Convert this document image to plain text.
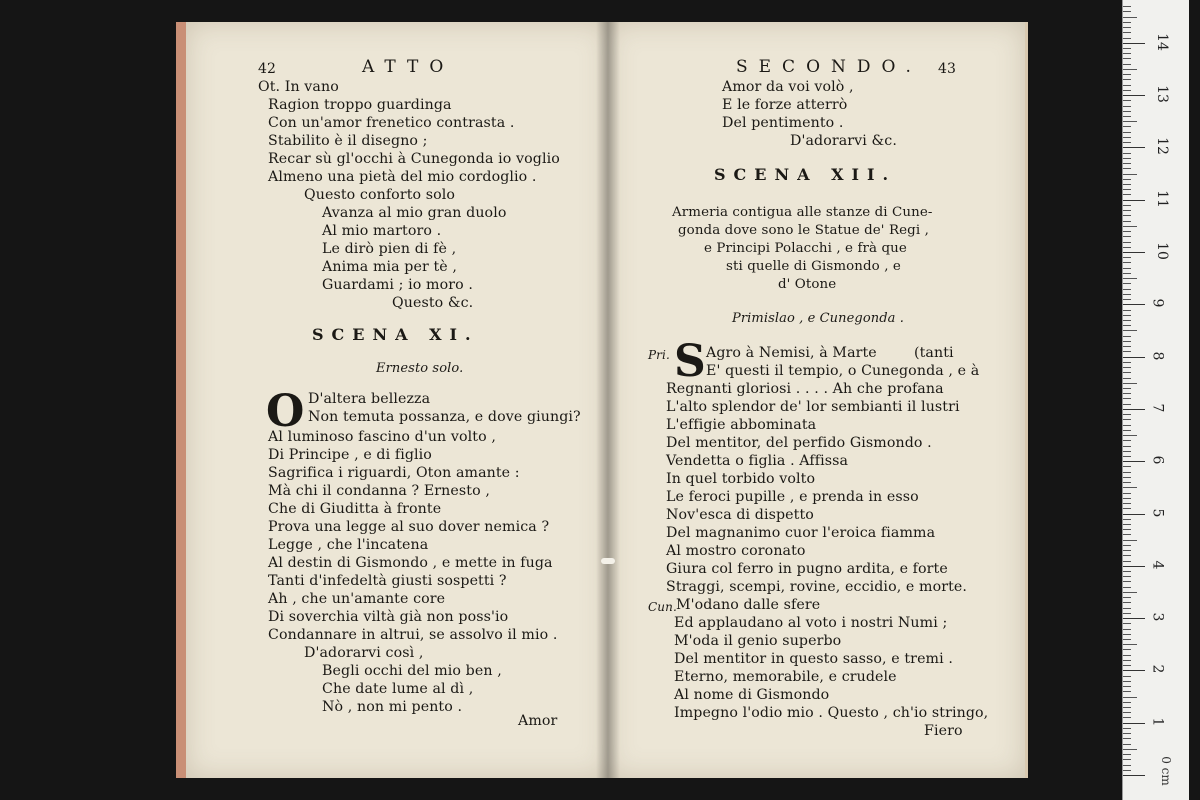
42	ATTO
Ot. In vano
Ragion troppo guardinga
Con un'amor frenetico contrasta .
Stabilito è il disegno ;
Recar sù gl'occhi à Cunegonda io voglio
Almeno una pietà del mio cordoglio .
Questo conforto solo
Avanza al mio gran duolo
Al mio martoro .
Le dirò pien di fè ,
Anima mia per tè ,
Guardami ; io moro .
Questo &c.
SCENA XI.
Ernesto solo.
O D'altera bellezza
Non temuta possanza, e dove giungi?
Al luminoso fascino d'un volto ,
Di Principe , e di figlio
Sagrifica i riguardi, Oton amante :
Mà chi il condanna ? Ernesto ,
Che di Giuditta à fronte
Prova una legge al suo dover nemica ?
Legge , che l'incatena
Al destin di Gismondo , e mette in fuga
Tanti d'infedeltà giusti sospetti ?
Ah , che un'amante core
Di soverchia viltà già non poss'io
Condannare in altrui, se assolvo il mio .
D'adorarvi così ,
Begli occhi del mio ben ,
Che date lume al dì ,
Nò , non mi pento .
Amor
SECONDO. 43
Amor da voi volò ,
E le forze atterrò
Del pentimento .
D'adorarvi &c.
SCENA XII.
Armeria contigua alle stanze di Cune-
gonda dove sono le Statue de' Regi ,
e Principi Polacchi , e frà que
sti quelle di Gismondo , e
d' Otone
Primislao , e Cunegonda .
Pri. S Agro à Nemisi, à Marte	(tanti
E' questi il tempio, o Cunegonda , e à
Regnanti gloriosi . . . . Ah che profana
L'alto splendor de' lor sembianti il lustri
L'effigie abbominata
Del mentitor, del perfido Gismondo .
Vendetta o figlia . Affissa
In quel torbido volto
Le feroci pupille , e prenda in esso
Nov'esca di dispetto
Del magnanimo cuor l'eroica fiamma
Al mostro coronato
Giura col ferro in pugno ardita, e forte
Straggi, scempi, rovine, eccidio, e morte.
Cun. M'odano dalle sfere
Ed applaudano al voto i nostri Numi ;
M'oda il genio superbo
Del mentitor in questo sasso, e tremi .
Eterno, memorabile, e crudele
Al nome di Gismondo
Impegno l'odio mio . Questo , ch'io stringo,
Fiero
0 cm
1
2
3
4
5
6
7
8
9
10
11
12
13
14
